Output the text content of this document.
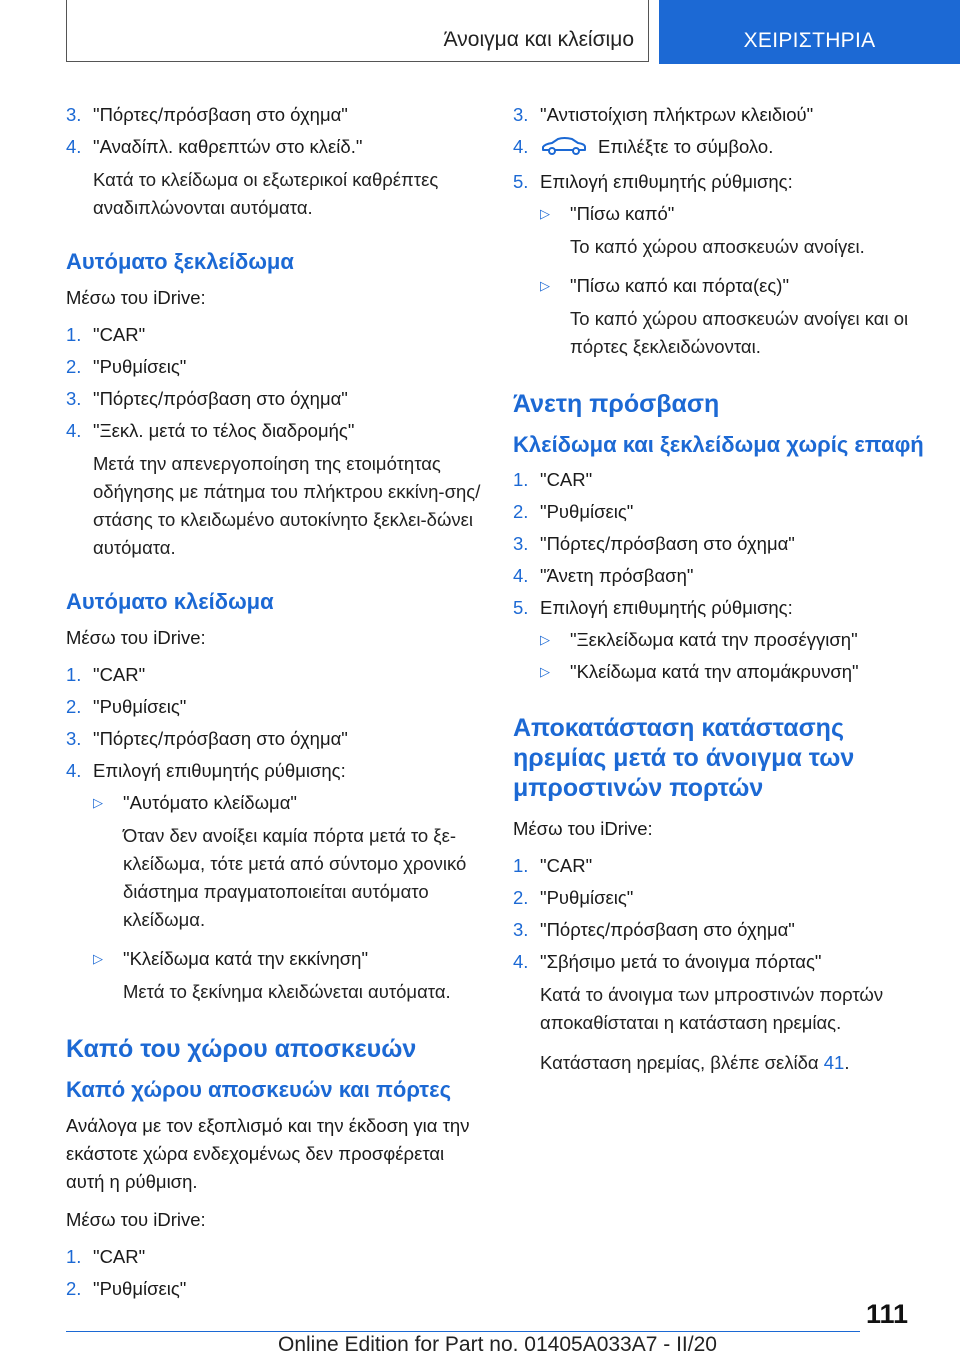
Άνοιγμα και κλείσιμο	ΧΕΙΡΙΣΤΗΡΙΑ
3. "Πόρτες/πρόσβαση στο όχημα"
4. "Αναδίπλ. καθρεπτών στο κλείδ."
Κατά το κλείδωμα οι εξωτερικοί καθρέπτες αναδιπλώνονται αυτόματα.
Αυτόματο ξεκλείδωμα
Μέσω του iDrive:
1. "CAR"
2. "Ρυθμίσεις"
3. "Πόρτες/πρόσβαση στο όχημα"
4. "Ξεκλ. μετά το τέλος διαδρομής"
Μετά την απενεργοποίηση της ετοιμότητας οδήγησης με πάτημα του πλήκτρου εκκίνη-σης/στάσης το κλειδωμένο αυτοκίνητο ξεκλει-δώνει αυτόματα.
Αυτόματο κλείδωμα
Μέσω του iDrive:
1. "CAR"
2. "Ρυθμίσεις"
3. "Πόρτες/πρόσβαση στο όχημα"
4. Επιλογή επιθυμητής ρύθμισης:
▷ "Αυτόματο κλείδωμα"
Όταν δεν ανοίξει καμία πόρτα μετά το ξε-κλείδωμα, τότε μετά από σύντομο χρονικό διάστημα πραγματοποιείται αυτόματο κλείδωμα.
▷ "Κλείδωμα κατά την εκκίνηση"
Μετά το ξεκίνημα κλειδώνεται αυτόματα.
Καπό του χώρου αποσκευών
Καπό χώρου αποσκευών και πόρτες
Ανάλογα με τον εξοπλισμό και την έκδοση για την εκάστοτε χώρα ενδεχομένως δεν προσφέρεται αυτή η ρύθμιση.
Μέσω του iDrive:
1. "CAR"
2. "Ρυθμίσεις"
3. "Αντιστοίχιση πλήκτρων κλειδιού"
4.	Επιλέξτε το σύμβολο.
5. Επιλογή επιθυμητής ρύθμισης:
▷ "Πίσω καπό"
Το καπό χώρου αποσκευών ανοίγει.
▷ "Πίσω καπό και πόρτα(ες)"
Το καπό χώρου αποσκευών ανοίγει και οι πόρτες ξεκλειδώνονται.
Άνετη πρόσβαση
Κλείδωμα και ξεκλείδωμα χωρίς επαφή
1. "CAR"
2. "Ρυθμίσεις"
3. "Πόρτες/πρόσβαση στο όχημα"
4. "Άνετη πρόσβαση"
5. Επιλογή επιθυμητής ρύθμισης:
▷ "Ξεκλείδωμα κατά την προσέγγιση"
▷ "Κλείδωμα κατά την απομάκρυνση"
Αποκατάσταση κατάστασης ηρεμίας μετά το άνοιγμα των μπροστινών πορτών
Μέσω του iDrive:
1. "CAR"
2. "Ρυθμίσεις"
3. "Πόρτες/πρόσβαση στο όχημα"
4. "Σβήσιμο μετά το άνοιγμα πόρτας"
Κατά το άνοιγμα των μπροστινών πορτών αποκαθίσταται η κατάσταση ηρεμίας.
Κατάσταση ηρεμίας, βλέπε σελίδα 41.
111
Online Edition for Part no. 01405A033A7 - II/20
